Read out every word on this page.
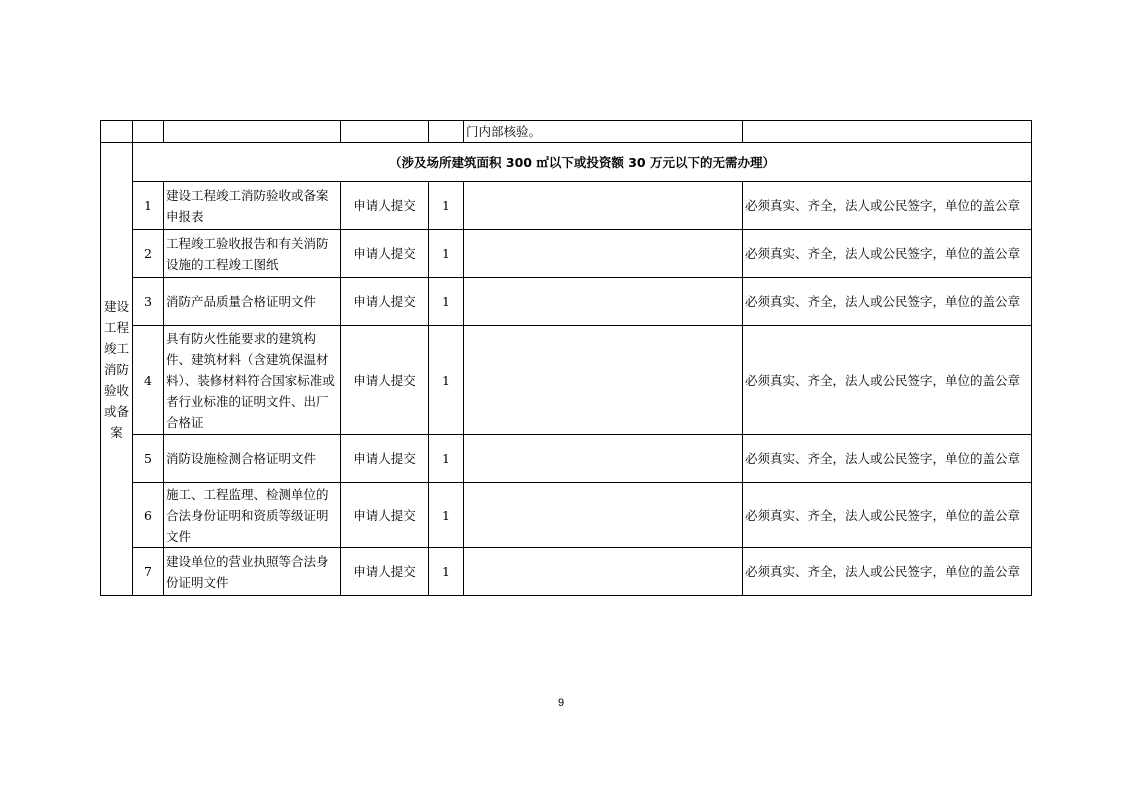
					门内部核验。	
建设工程竣工消防验收或备案	（涉及场所建筑面积 300 ㎡以下或投资额 30 万元以下的无需办理）					
	1	建设工程竣工消防验收或备案申报表	申请人提交	1		必须真实、齐全，法人或公民签字，单位的盖公章
	2	工程竣工验收报告和有关消防设施的工程竣工图纸	申请人提交	1		必须真实、齐全，法人或公民签字，单位的盖公章
	3	消防产品质量合格证明文件	申请人提交	1		必须真实、齐全，法人或公民签字，单位的盖公章
	4	具有防火性能要求的建筑构件、建筑材料（含建筑保温材料）、装修材料符合国家标准或者行业标准的证明文件、出厂合格证	申请人提交	1		必须真实、齐全，法人或公民签字，单位的盖公章
	5	消防设施检测合格证明文件	申请人提交	1		必须真实、齐全，法人或公民签字，单位的盖公章
	6	施工、工程监理、检测单位的合法身份证明和资质等级证明文件	申请人提交	1		必须真实、齐全，法人或公民签字，单位的盖公章
	7	建设单位的营业执照等合法身份证明文件	申请人提交	1		必须真实、齐全，法人或公民签字，单位的盖公章
9
